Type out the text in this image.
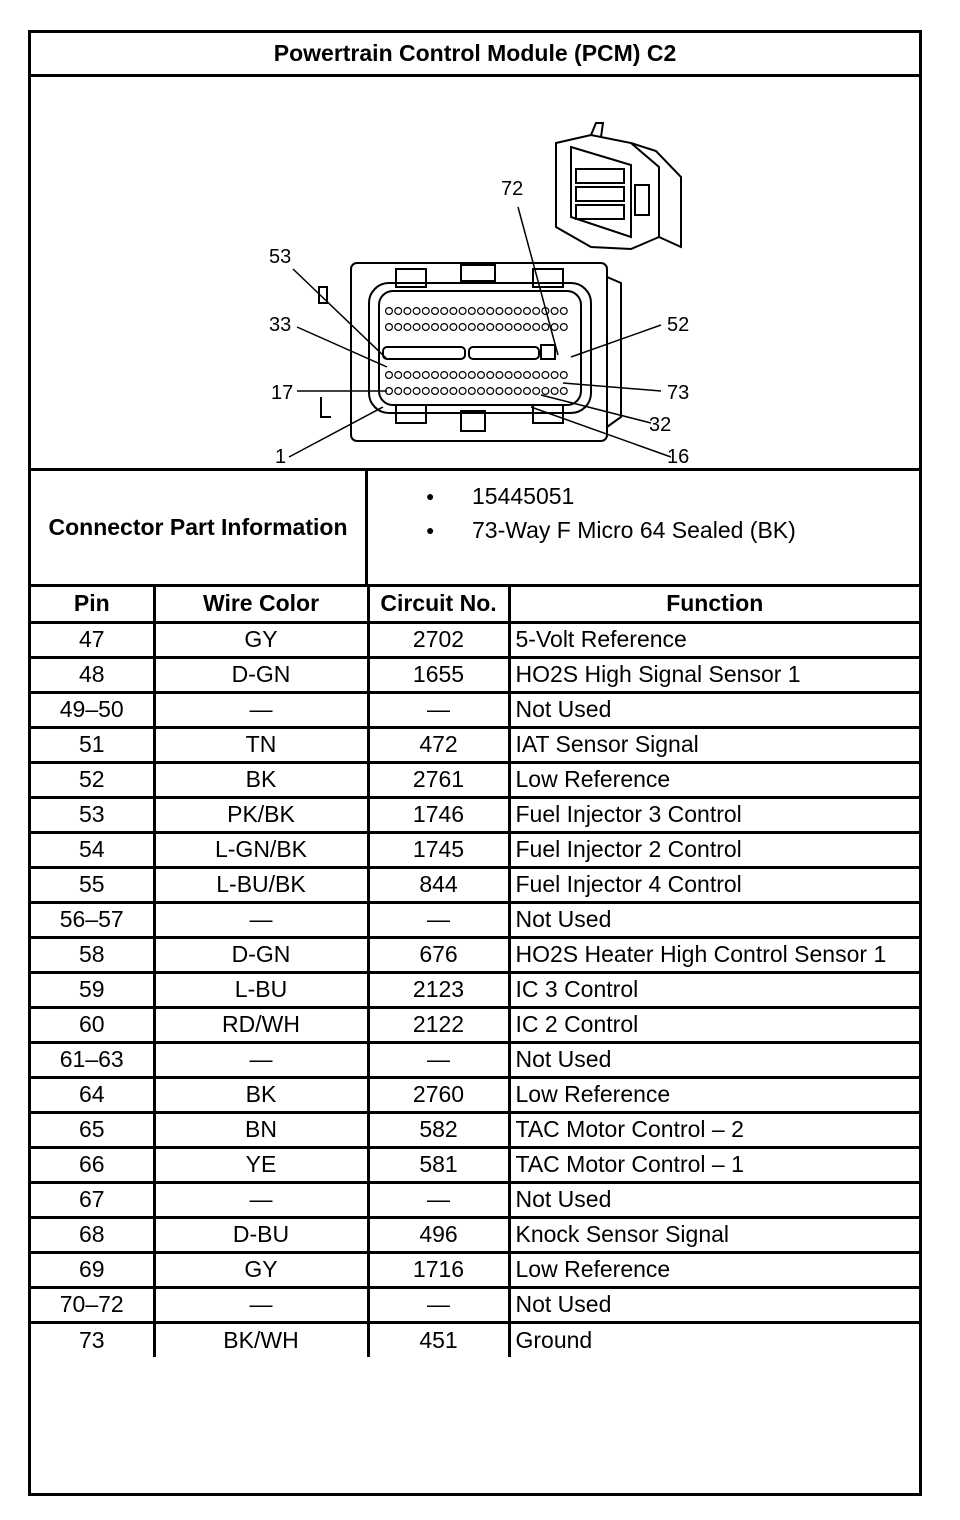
Powertrain Control Module (PCM) C2
72
53
52
33
17	73
32
1	16
Connector Part Information
● 15445051
● 73-Way F Micro 64 Sealed (BK)
Pin	Wire Color	Circuit No.	Function
47	GY	2702	5-Volt Reference
48	D-GN	1655	HO2S High Signal Sensor 1
49–50	—	—	Not Used
51	TN	472	IAT Sensor Signal
52	BK	2761	Low Reference
53	PK/BK	1746	Fuel Injector 3 Control
54	L-GN/BK	1745	Fuel Injector 2 Control
55	L-BU/BK	844	Fuel Injector 4 Control
56–57	—	—	Not Used
58	D-GN	676	HO2S Heater High Control Sensor 1
59	L-BU	2123	IC 3 Control
60	RD/WH	2122	IC 2 Control
61–63	—	—	Not Used
64	BK	2760	Low Reference
65	BN	582	TAC Motor Control – 2
66	YE	581	TAC Motor Control – 1
67	—	—	Not Used
68	D-BU	496	Knock Sensor Signal
69	GY	1716	Low Reference
70–72	—	—	Not Used
73	BK/WH	451	Ground
